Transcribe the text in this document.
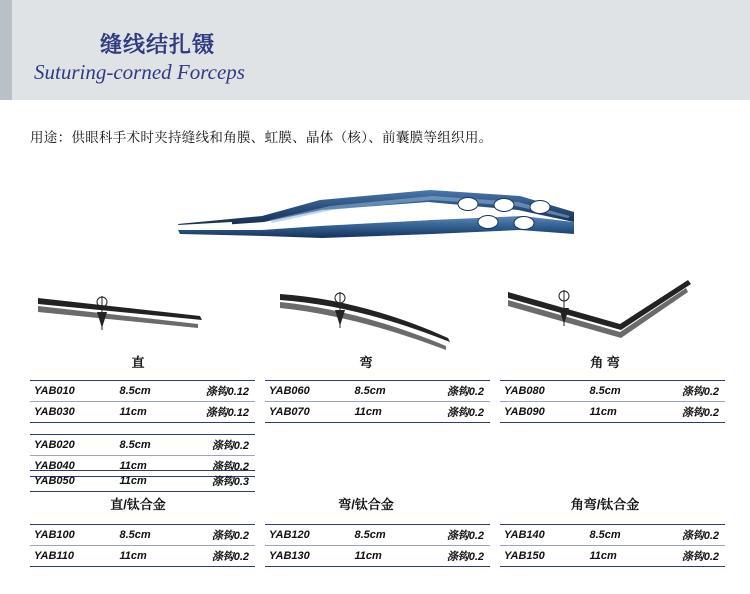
缝线结扎镊
Suturing-corned Forceps
用途：供眼科手术时夹持缝线和角膜、虹膜、晶体（核）、前囊膜等组织用。
直	弯	角 弯
YAB010	8.5cm	涤钩0.12
YAB030	11cm	涤钩0.12
YAB020	8.5cm	涤钩0.2
YAB040	11cm	涤钩0.2
YAB050	11cm	涤钩0.3
YAB060	8.5cm	涤钩0.2
YAB070	11cm	涤钩0.2
YAB080	8.5cm	涤钩0.2
YAB090	11cm	涤钩0.2
直/钛合金	弯/钛合金	角弯/钛合金
YAB100	8.5cm	涤钩0.2
YAB110	11cm	涤钩0.2
YAB120	8.5cm	涤钩0.2
YAB130	11cm	涤钩0.2
YAB140	8.5cm	涤钩0.2
YAB150	11cm	涤钩0.2
